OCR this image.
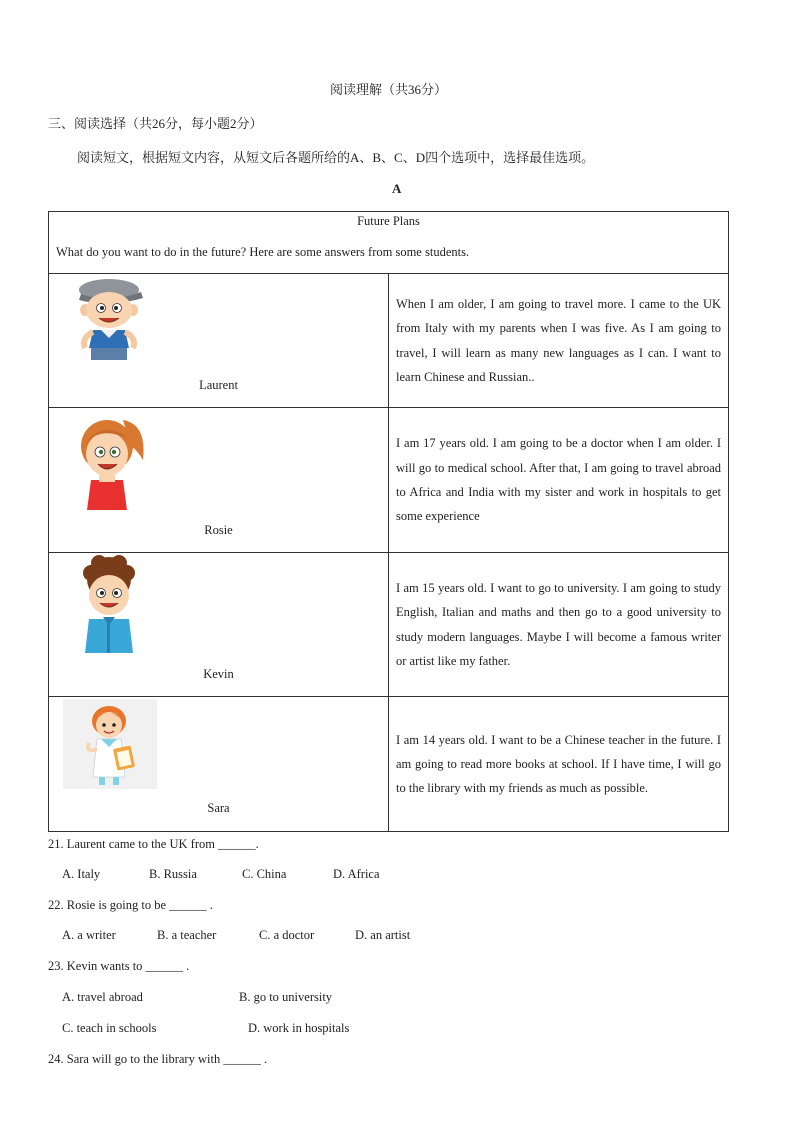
阅读理解（共36分）
三、阅读选择（共26分，每小题2分）
阅读短文，根据短文内容，从短文后各题所给的A、B、C、D四个选项中，选择最佳选项。
A
Future Plans
What do you want to do in the future? Here are some answers from some students.	

Laurent	When I am older, I am going to travel more. I came to the UK from Italy with my parents when I was five. As I am going to travel, I will learn as many new languages as I can. I want to learn Chinese and Russian..

Rosie	I am 17 years old. I am going to be a doctor when I am older. I will go to medical school. After that, I am going to travel abroad to Africa and India with my sister and work in hospitals to get some experience

Kevin	I am 15 years old. I want to go to university. I am going to study English, Italian and maths and then go to a good university to study modern languages. Maybe I will become a famous writer or artist like my father.

Sara	I am 14 years old. I want to be a Chinese teacher in the future. I am going to read more books at school. If I have time, I will go to the library with my friends as much as possible.
21. Laurent came to the UK from ______.
A. Italy	B. Russia	C. China	D. Africa
22. Rosie is going to be ______ .
A. a writer	B. a teacher	C. a doctor	D. an artist
23. Kevin wants to ______ .
A. travel abroad	B. go to university
C. teach in schools	D. work in hospitals
24. Sara will go to the library with ______ .
